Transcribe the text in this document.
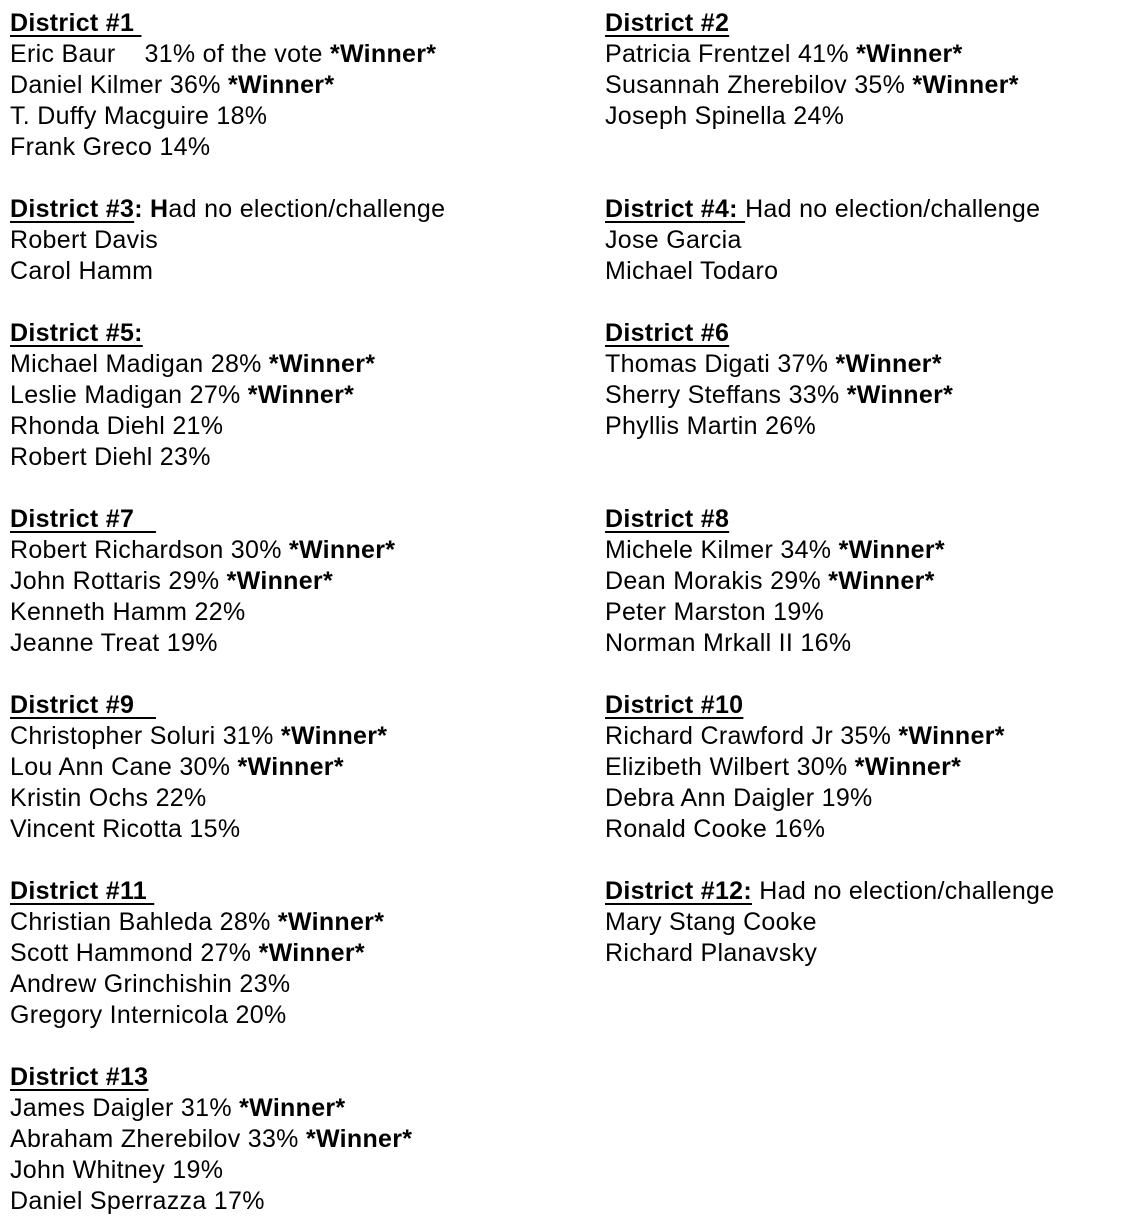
District #1
Eric Baur    31% of the vote *Winner*
Daniel Kilmer 36% *Winner*
T. Duffy Macguire 18%
Frank Greco 14%
District #3: Had no election/challenge
Robert Davis
Carol Hamm
District #5:
Michael Madigan 28% *Winner*
Leslie Madigan 27% *Winner*
Rhonda Diehl 21%
Robert Diehl 23%
District #7
Robert Richardson 30% *Winner*
John Rottaris 29% *Winner*
Kenneth Hamm 22%
Jeanne Treat 19%
District #9
Christopher Soluri 31% *Winner*
Lou Ann Cane 30% *Winner*
Kristin Ochs 22%
Vincent Ricotta 15%
District #11
Christian Bahleda 28% *Winner*
Scott Hammond 27% *Winner*
Andrew Grinchishin 23%
Gregory Internicola 20%
District #13
James Daigler 31% *Winner*
Abraham Zherebilov 33% *Winner*
John Whitney 19%
Daniel Sperrazza 17%
District #2
Patricia Frentzel 41% *Winner*
Susannah Zherebilov 35% *Winner*
Joseph Spinella 24%
District #4: Had no election/challenge
Jose Garcia
Michael Todaro
District #6
Thomas Digati 37% *Winner*
Sherry Steffans 33% *Winner*
Phyllis Martin 26%
District #8
Michele Kilmer 34% *Winner*
Dean Morakis 29% *Winner*
Peter Marston 19%
Norman Mrkall II 16%
District #10
Richard Crawford Jr 35% *Winner*
Elizibeth Wilbert 30% *Winner*
Debra Ann Daigler 19%
Ronald Cooke 16%
District #12: Had no election/challenge
Mary Stang Cooke
Richard Planavsky
